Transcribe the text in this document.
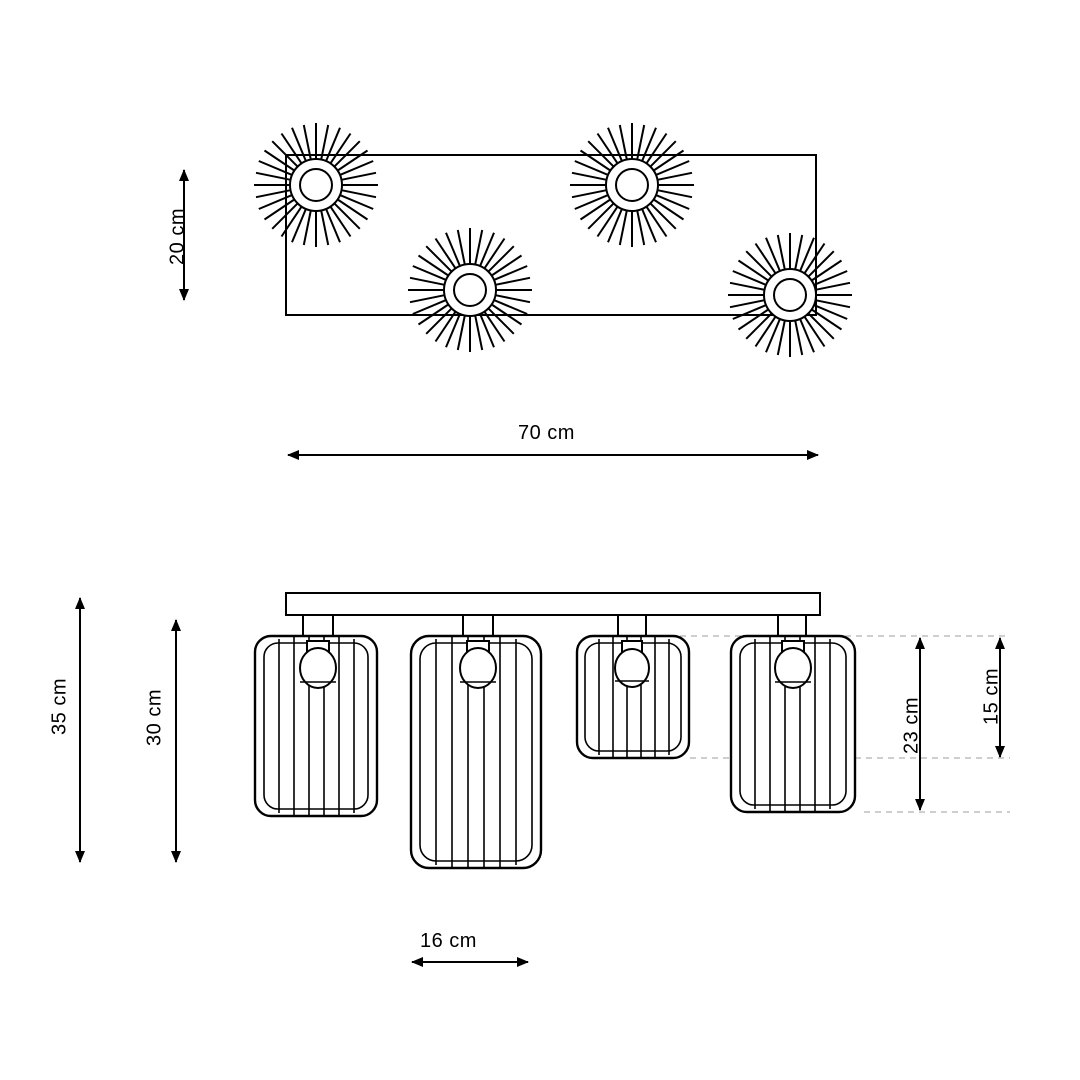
20 cm
70 cm
35 cm	30 cm	23 cm
15 cm
16 cm
